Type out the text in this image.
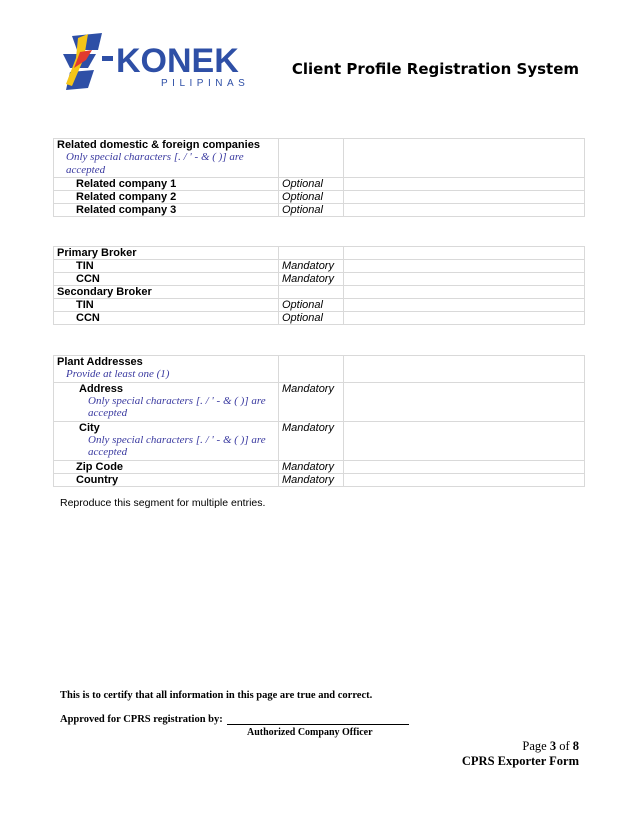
KONEK
PILIPINAS
Client Profile Registration System
Related domestic & foreign companies
Only special characters [. / ' - & ( )] are accepted		

Related company 1	Optional	
Related company 2	Optional	
Related company 3	Optional	
Primary Broker		
TIN	Mandatory	
CCN	Mandatory	
Secondary Broker		
TIN	Optional	
CCN	Optional	
Plant Addresses
Provide at least one (1)		

Address
Only special characters [. / ' - & ( )] are accepted	Mandatory	

City
Only special characters [. / ' - & ( )] are accepted	Mandatory	
Zip Code	Mandatory	
Country	Mandatory	
Reproduce this segment for multiple entries.
This is to certify that all information in this page are true and correct.
Approved for CPRS registration by:
Authorized Company Officer
Page 3 of 8
CPRS Exporter Form
